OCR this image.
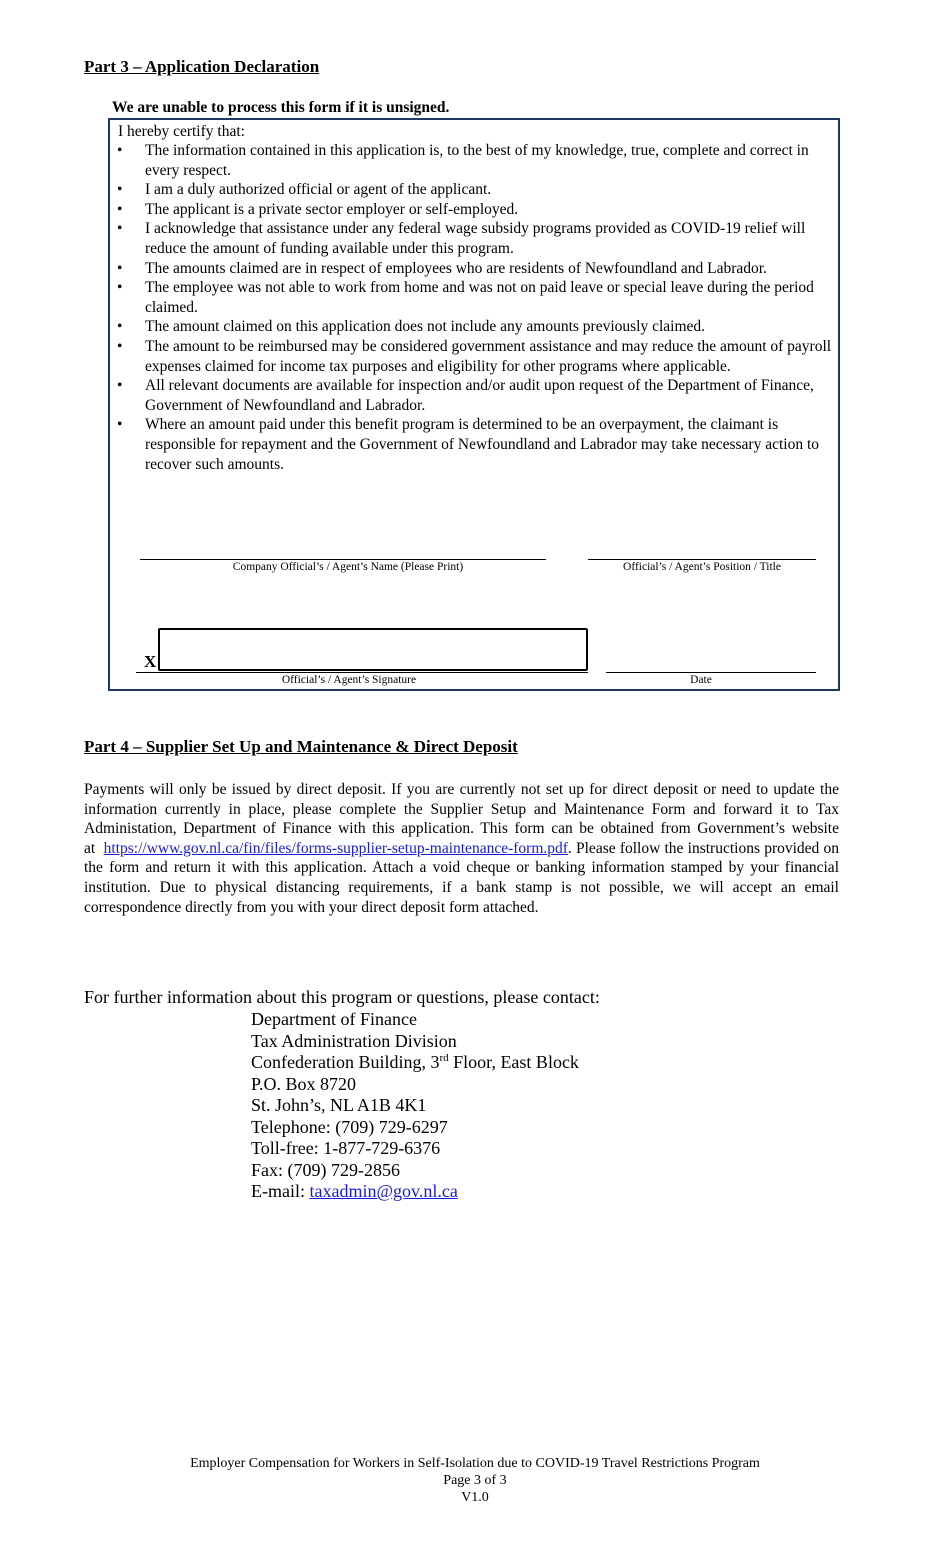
Part 3 – Application Declaration
We are unable to process this form if it is unsigned.
I hereby certify that:
• The information contained in this application is, to the best of my knowledge, true, complete and correct in every respect.
• I am a duly authorized official or agent of the applicant.
• The applicant is a private sector employer or self-employed.
• I acknowledge that assistance under any federal wage subsidy programs provided as COVID-19 relief will reduce the amount of funding available under this program.
• The amounts claimed are in respect of employees who are residents of Newfoundland and Labrador.
• The employee was not able to work from home and was not on paid leave or special leave during the period claimed.
• The amount claimed on this application does not include any amounts previously claimed.
• The amount to be reimbursed may be considered government assistance and may reduce the amount of payroll expenses claimed for income tax purposes and eligibility for other programs where applicable.
• All relevant documents are available for inspection and/or audit upon request of the Department of Finance, Government of Newfoundland and Labrador.
• Where an amount paid under this benefit program is determined to be an overpayment, the claimant is responsible for repayment and the Government of Newfoundland and Labrador may take necessary action to recover such amounts.
Company Official’s / Agent’s Name (Please Print)	Official’s / Agent’s Position / Title
X
Official’s / Agent’s Signature	Date
Part 4 – Supplier Set Up and Maintenance & Direct Deposit
Payments will only be issued by direct deposit. If you are currently not set up for direct deposit or need to update the information currently in place, please complete the Supplier Setup and Maintenance Form and forward it to Tax Administation, Department of Finance with this application. This form can be obtained from Government’s website at https://www.gov.nl.ca/fin/files/forms-supplier-setup-maintenance-form.pdf. Please follow the instructions provided on the form and return it with this application. Attach a void cheque or banking information stamped by your financial institution. Due to physical distancing requirements, if a bank stamp is not possible, we will accept an email correspondence directly from you with your direct deposit form attached.
For further information about this program or questions, please contact:
Department of Finance
Tax Administration Division
Confederation Building, 3rd Floor, East Block
P.O. Box 8720
St. John’s, NL A1B 4K1
Telephone: (709) 729-6297
Toll-free: 1-877-729-6376
Fax: (709) 729-2856
E-mail: taxadmin@gov.nl.ca
Employer Compensation for Workers in Self-Isolation due to COVID-19 Travel Restrictions Program
Page 3 of 3
V1.0
